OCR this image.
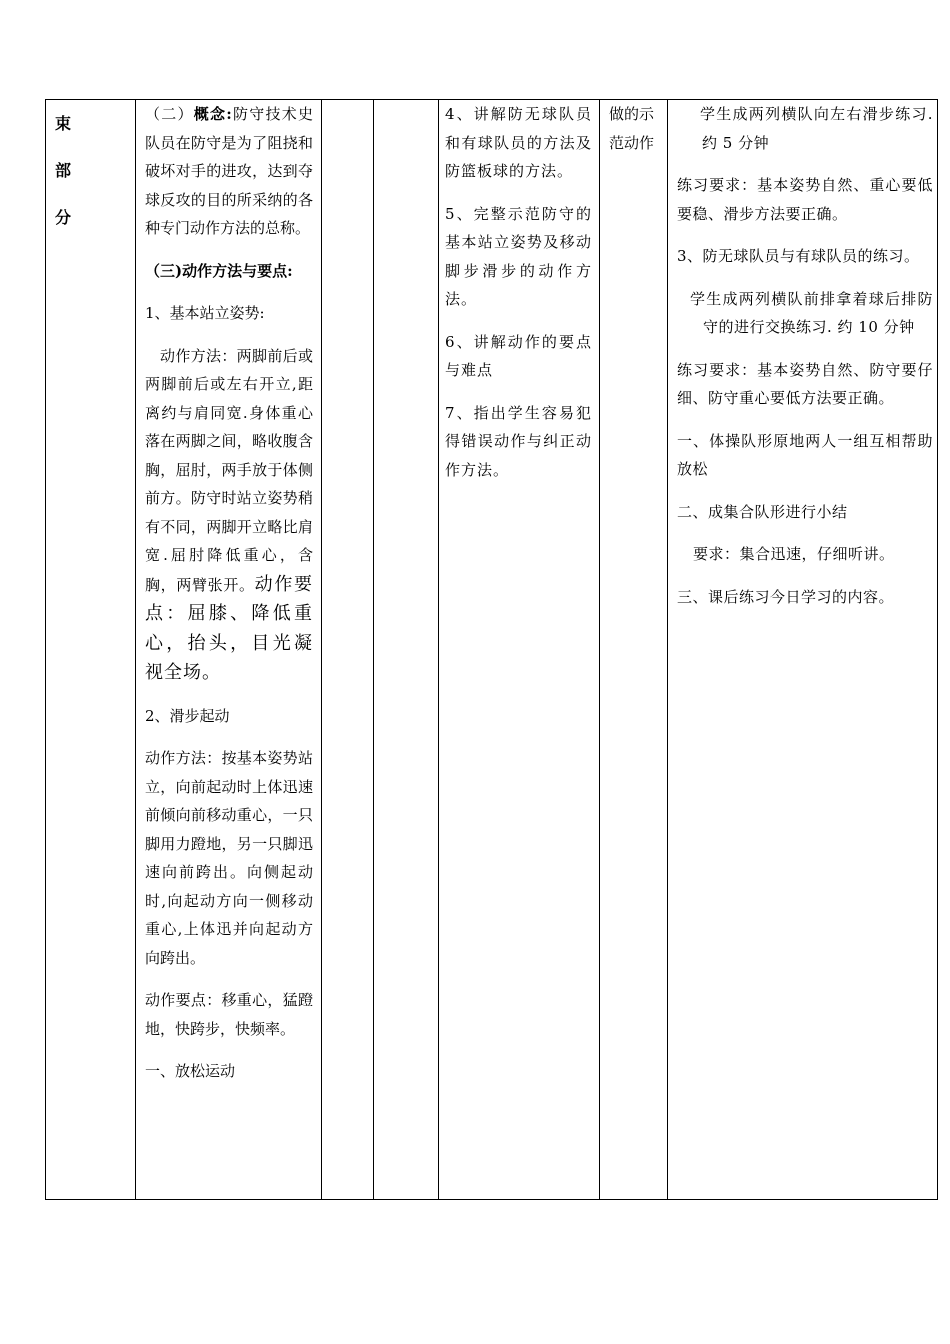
束
部
分

（二）概念:防守技术史队员在防守是为了阻挠和破坏对手的进攻，达到夺球反攻的目的所采纳的各种专门动作方法的总称。

（三)动作方法与要点:

1、基本站立姿势:

动作方法：两脚前后或两脚前后或左右开立,距离约与肩同宽.身体重心落在两脚之间，略收腹含胸，屈肘，两手放于体侧前方。防守时站立姿势稍有不同，两脚开立略比肩宽.屈肘降低重心，含胸，两臂张开。动作要点：屈膝、降低重心，抬头，目光凝视全场。

2、滑步起动

动作方法：按基本姿势站立，向前起动时上体迅速前倾向前移动重心，一只脚用力蹬地，另一只脚迅速向前跨出。向侧起动时,向起动方向一侧移动重心,上体迅并向起动方向跨出。

动作要点：移重心，猛蹬地，快跨步，快频率。

一、放松运动

4、讲解防无球队员和有球队员的方法及防篮板球的方法。

5、完整示范防守的基本站立姿势及移动脚步滑步的动作方法。

6、讲解动作的要点与难点

7、指出学生容易犯得错误动作与纠正动作方法。

做的示范动作

学生成两列横队向左右滑步练习. 约 5 分钟

练习要求：基本姿势自然、重心要低要稳、滑步方法要正确。

3、防无球队员与有球队员的练习。

学生成两列横队前排拿着球后排防守的进行交换练习. 约 10 分钟

练习要求：基本姿势自然、防守要仔细、防守重心要低方法要正确。

一、体操队形原地两人一组互相帮助放松

二、成集合队形进行小结

要求：集合迅速，仔细听讲。

三、课后练习今日学习的内容。
